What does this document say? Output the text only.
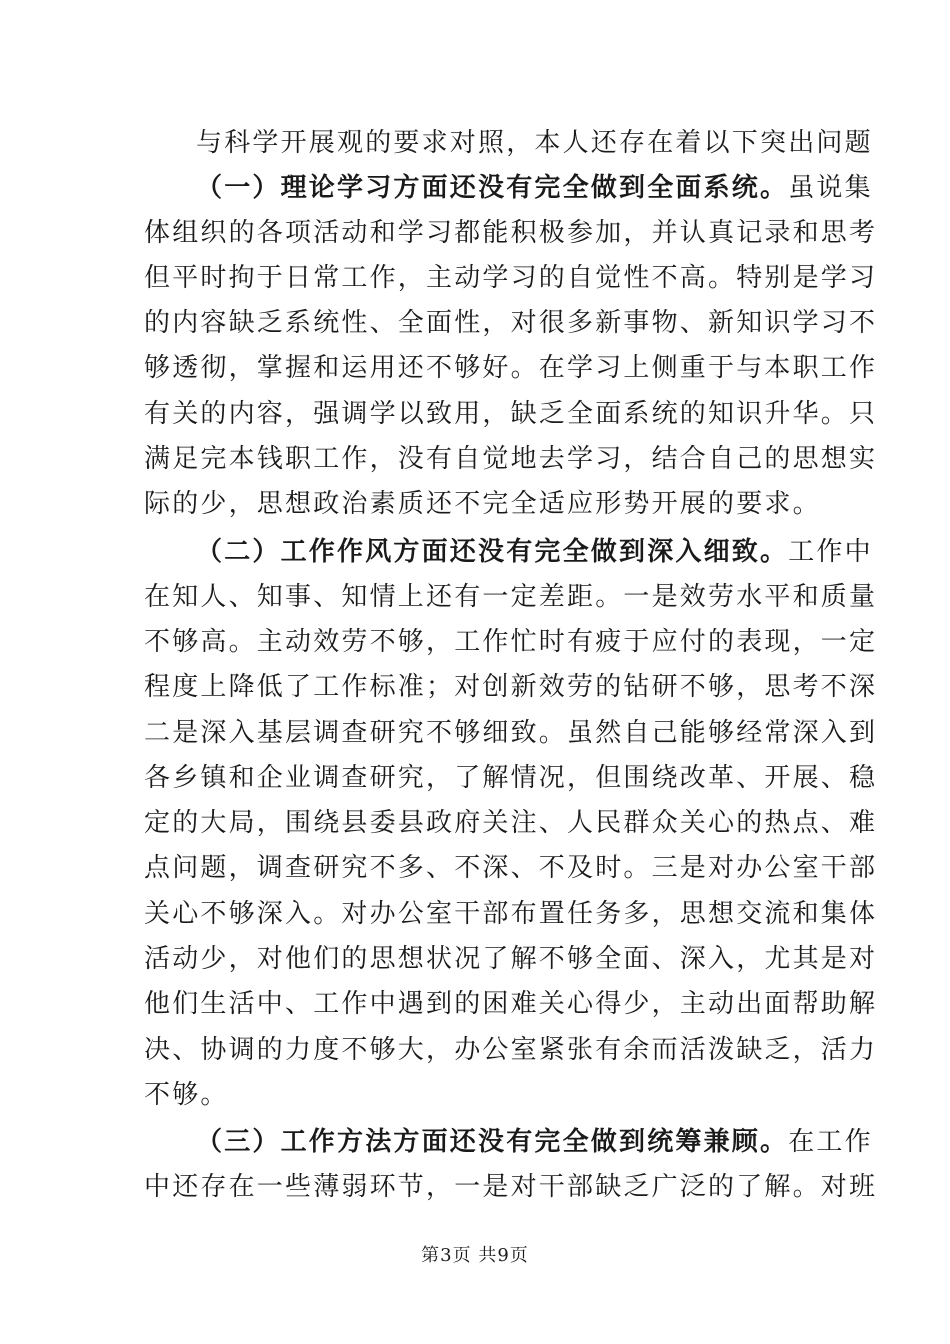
与科学开展观的要求对照，本人还存在着以下突出问题
（一）理论学习方面还没有完全做到全面系统。虽说集
体组织的各项活动和学习都能积极参加，并认真记录和思考
但平时拘于日常工作，主动学习的自觉性不高。特别是学习
的内容缺乏系统性、全面性，对很多新事物、新知识学习不
够透彻，掌握和运用还不够好。在学习上侧重于与本职工作
有关的内容，强调学以致用，缺乏全面系统的知识升华。只
满足完本钱职工作，没有自觉地去学习，结合自己的思想实
际的少，思想政治素质还不完全适应形势开展的要求。
（二）工作作风方面还没有完全做到深入细致。工作中
在知人、知事、知情上还有一定差距。一是效劳水平和质量
不够高。主动效劳不够，工作忙时有疲于应付的表现，一定
程度上降低了工作标准；对创新效劳的钻研不够，思考不深
二是深入基层调查研究不够细致。虽然自己能够经常深入到
各乡镇和企业调查研究，了解情况，但围绕改革、开展、稳
定的大局，围绕县委县政府关注、人民群众关心的热点、难
点问题，调查研究不多、不深、不及时。三是对办公室干部
关心不够深入。对办公室干部布置任务多，思想交流和集体
活动少，对他们的思想状况了解不够全面、深入，尤其是对
他们生活中、工作中遇到的困难关心得少，主动出面帮助解
决、协调的力度不够大，办公室紧张有余而活泼缺乏，活力
不够。
（三）工作方法方面还没有完全做到统筹兼顾。在工作
中还存在一些薄弱环节，一是对干部缺乏广泛的了解。对班
第3页 共9页
